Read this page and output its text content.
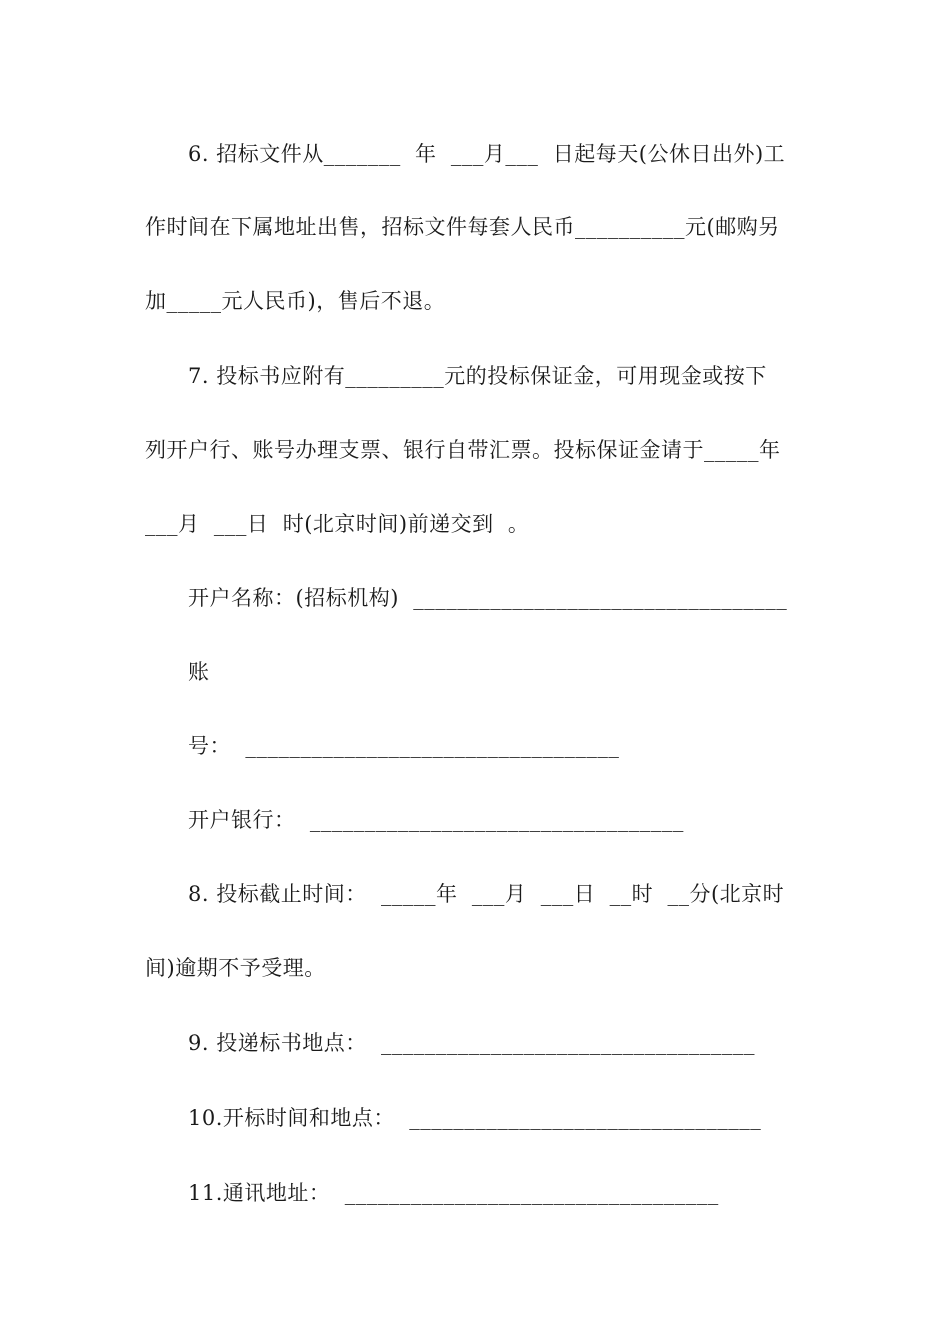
6. 招标文件从_______  年  ___月___  日起每天(公休日出外)工
作时间在下属地址出售，招标文件每套人民币__________元(邮购另
加_____元人民币)，售后不退。
7. 投标书应附有_________元的投标保证金，可用现金或按下
列开户行、账号办理支票、银行自带汇票。投标保证金请于_____年
___月  ___日  时(北京时间)前递交到  。
开户名称：(招标机构)  __________________________________
账
号：  __________________________________
开户银行：  __________________________________
8. 投标截止时间：  _____年  ___月  ___日  __时  __分(北京时
间)逾期不予受理。
9. 投递标书地点：  __________________________________
10.开标时间和地点：  ________________________________
11.通讯地址：  __________________________________
